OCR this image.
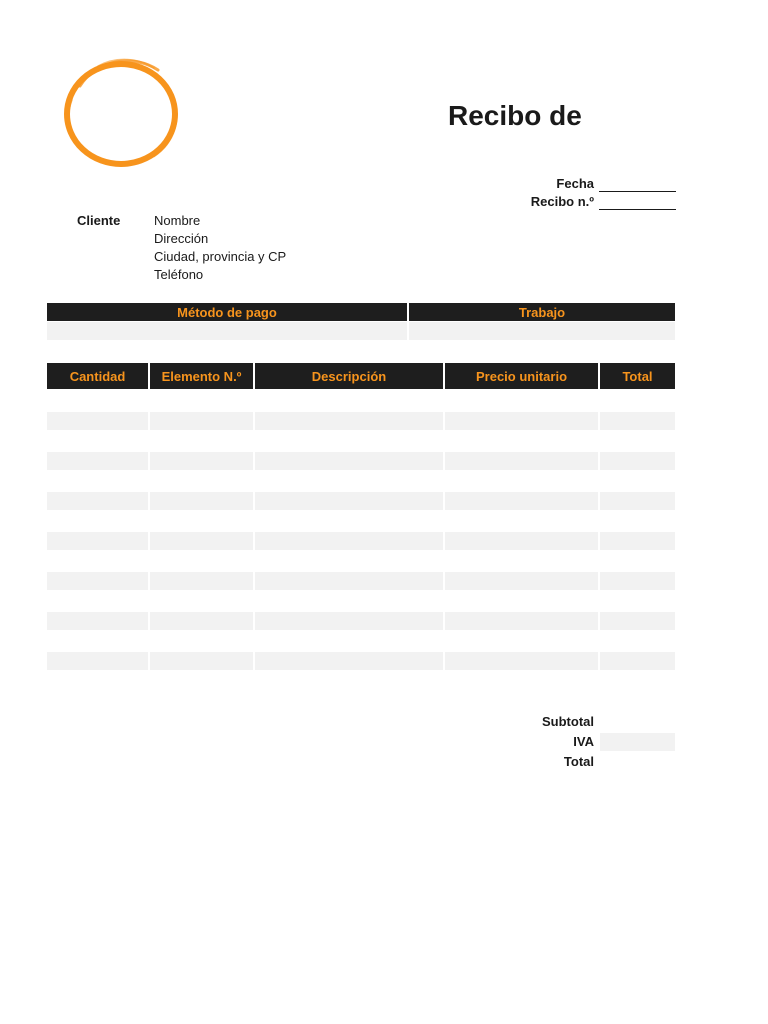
Recibo de
Fecha
Recibo n.º
Cliente	Nombre
Dirección
Ciudad, provincia y CP
Teléfono
Método de pago	Trabajo
Cantidad	Elemento N.º	Descripción	Precio unitario	Total
Subtotal
IVA
Total
